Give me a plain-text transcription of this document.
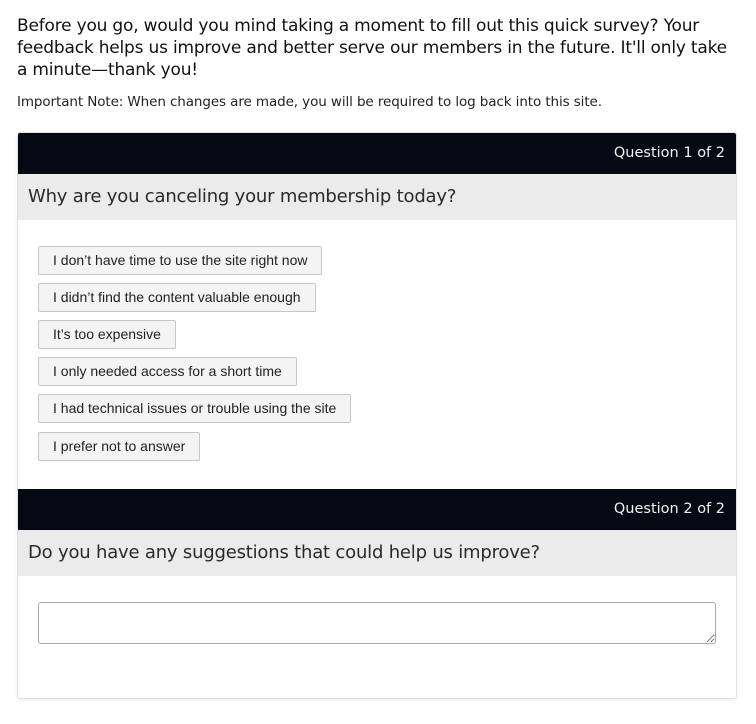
Before you go, would you mind taking a moment to fill out this quick survey? Your feedback helps us improve and better serve our members in the future. It'll only take a minute—thank you!

Important Note: When changes are made, you will be required to log back into this site.

Question 1 of 2
Why are you canceling your membership today?
I don’t have time to use the site right now
I didn’t find the content valuable enough
It’s too expensive
I only needed access for a short time
I had technical issues or trouble using the site
I prefer not to answer
Question 2 of 2
Do you have any suggestions that could help us improve?
